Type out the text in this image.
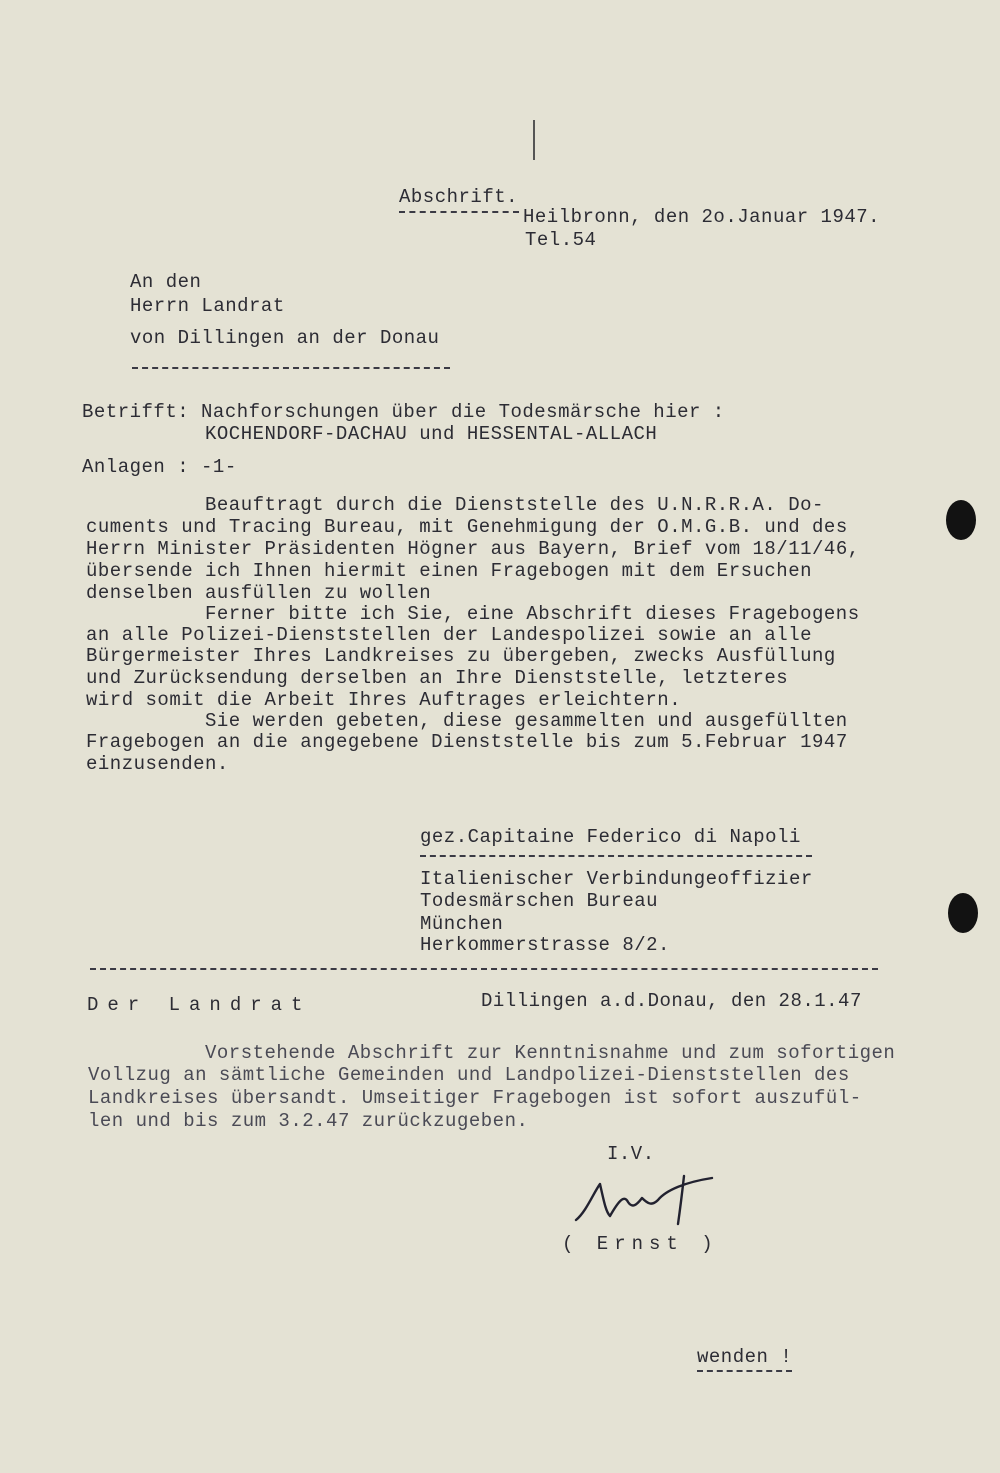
Abschrift.
Heilbronn, den 2o.Januar 1947.
Tel.54
An den
Herrn Landrat
von Dillingen an der Donau
Betrifft: Nachforschungen über die Todesmärsche hier :
KOCHENDORF-DACHAU und HESSENTAL-ALLACH
Anlagen : -1-
Beauftragt durch die Dienststelle des U.N.R.R.A. Do-
cuments und Tracing Bureau, mit Genehmigung der O.M.G.B. und des
Herrn Minister Präsidenten Högner aus Bayern, Brief vom 18/11/46,
übersende ich Ihnen hiermit einen Fragebogen mit dem Ersuchen
denselben ausfüllen zu wollen
Ferner bitte ich Sie, eine Abschrift dieses Fragebogens
an alle Polizei-Dienststellen der Landespolizei sowie an alle
Bürgermeister Ihres Landkreises zu übergeben, zwecks Ausfüllung
und Zurücksendung derselben an Ihre Dienststelle, letzteres
wird somit die Arbeit Ihres Auftrages erleichtern.
Sie werden gebeten, diese gesammelten und ausgefüllten
Fragebogen an die angegebene Dienststelle bis zum 5.Februar 1947
einzusenden.
gez.Capitaine Federico di Napoli
Italienischer Verbindungeoffizier
Todesmärschen Bureau
München
Herkommerstrasse 8/2.
Der Landrat	Dillingen a.d.Donau, den 28.1.47
Vorstehende Abschrift zur Kenntnisnahme und zum sofortigen
Vollzug an sämtliche Gemeinden und Landpolizei-Dienststellen des
Landkreises übersandt. Umseitiger Fragebogen ist sofort auszufül-
len und bis zum 3.2.47 zurückzugeben.
I.V.
( Ernst )
wenden !
